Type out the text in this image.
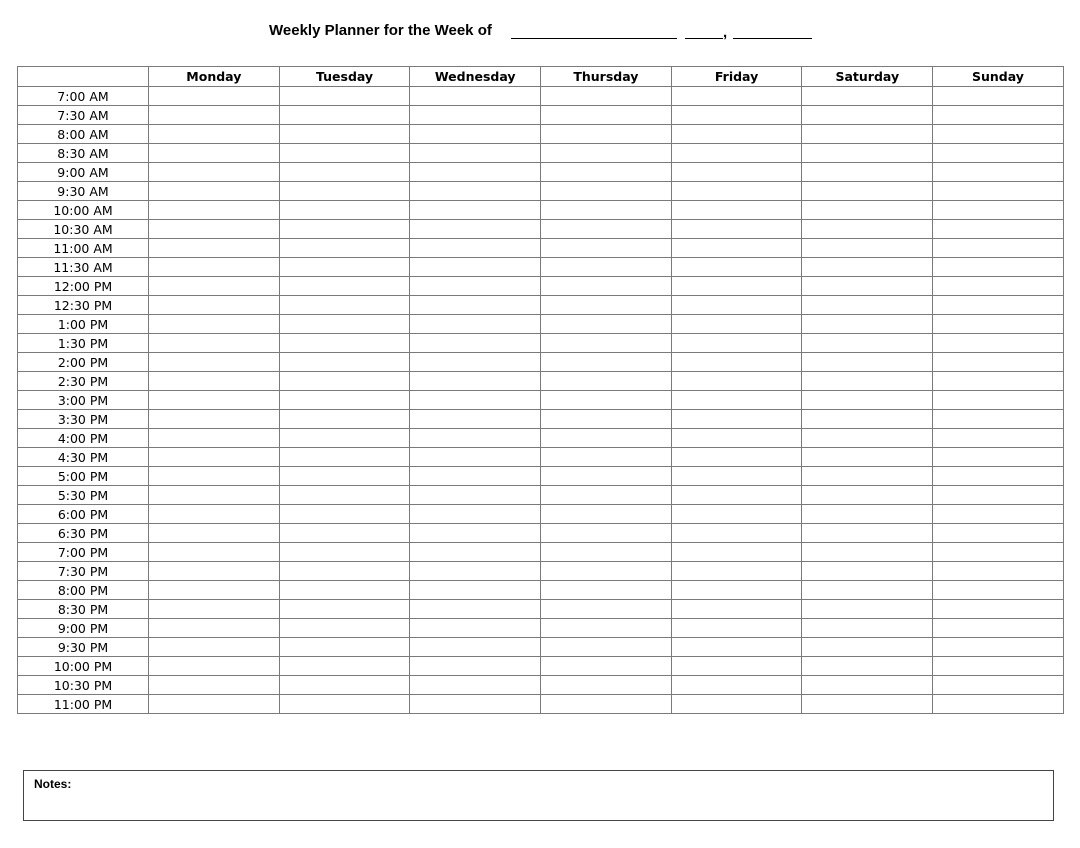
Weekly Planner for the Week of	,
	Monday	Tuesday	Wednesday	Thursday	Friday	Saturday	Sunday
7:00 AM							
7:30 AM							
8:00 AM							
8:30 AM							
9:00 AM							
9:30 AM							
10:00 AM							
10:30 AM							
11:00 AM							
11:30 AM							
12:00 PM							
12:30 PM							
1:00 PM							
1:30 PM							
2:00 PM							
2:30 PM							
3:00 PM							
3:30 PM							
4:00 PM							
4:30 PM							
5:00 PM							
5:30 PM							
6:00 PM							
6:30 PM							
7:00 PM							
7:30 PM							
8:00 PM							
8:30 PM							
9:00 PM							
9:30 PM							
10:00 PM							
10:30 PM							
11:00 PM							
Notes:
